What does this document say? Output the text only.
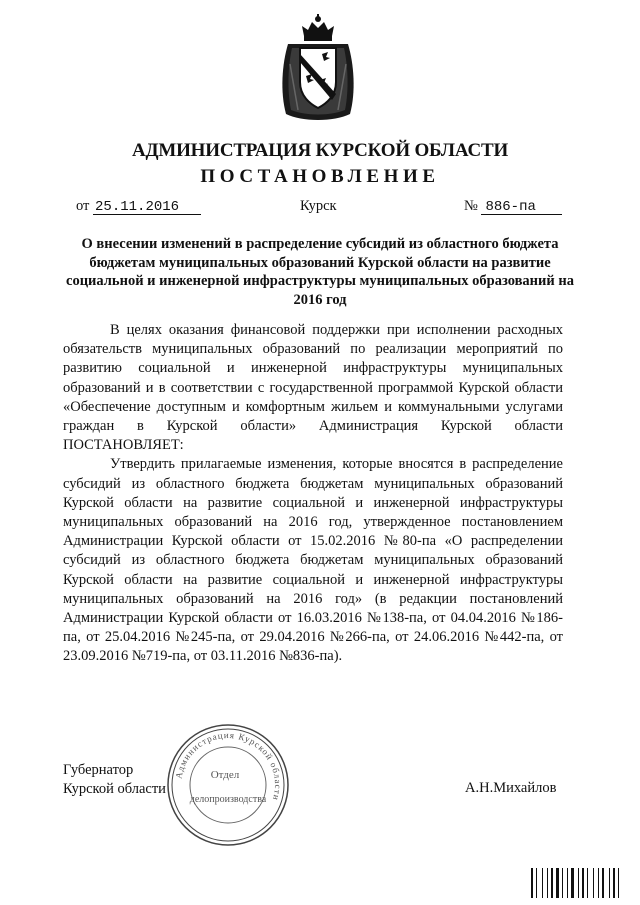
АДМИНИСТРАЦИЯ КУРСКОЙ ОБЛАСТИ
ПОСТАНОВЛЕНИЕ
от 25.11.2016	Курск	№ 886-па
О внесении изменений в распределение субсидий из областного бюджета бюджетам муниципальных образований Курской области на развитие социальной и инженерной инфраструктуры муниципальных образований на 2016 год

В целях оказания финансовой поддержки при исполнении расходных обязательств муниципальных образований по реализации мероприятий по развитию социальной и инженерной инфраструктуры муниципальных образований и в соответствии с государственной программой Курской области «Обеспечение доступным и комфортным жильем и коммунальными услугами граждан в Курской области» Администрация Курской области ПОСТАНОВЛЯЕТ:

Утвердить прилагаемые изменения, которые вносятся в распределение субсидий из областного бюджета бюджетам муниципальных образований Курской области на развитие социальной и инженерной инфраструктуры муниципальных образований на 2016 год, утвержденное постановлением Администрации Курской области от 15.02.2016 №80-па «О распределении субсидий из областного бюджета бюджетам муниципальных образований Курской области на развитие социальной и инженерной инфраструктуры муниципальных образований на 2016 год» (в редакции постановлений Администрации Курской области от 16.03.2016 №138-па, от 04.04.2016 №186-па, от 25.04.2016 №245-па, от 29.04.2016 №266-па, от 24.06.2016 №442-па, от 23.09.2016 №719-па, от 03.11.2016 №836-па).

Губернатор
Курской области	А.Н.Михайлов
Администрация Курской области
Отдел
делопроизводства
